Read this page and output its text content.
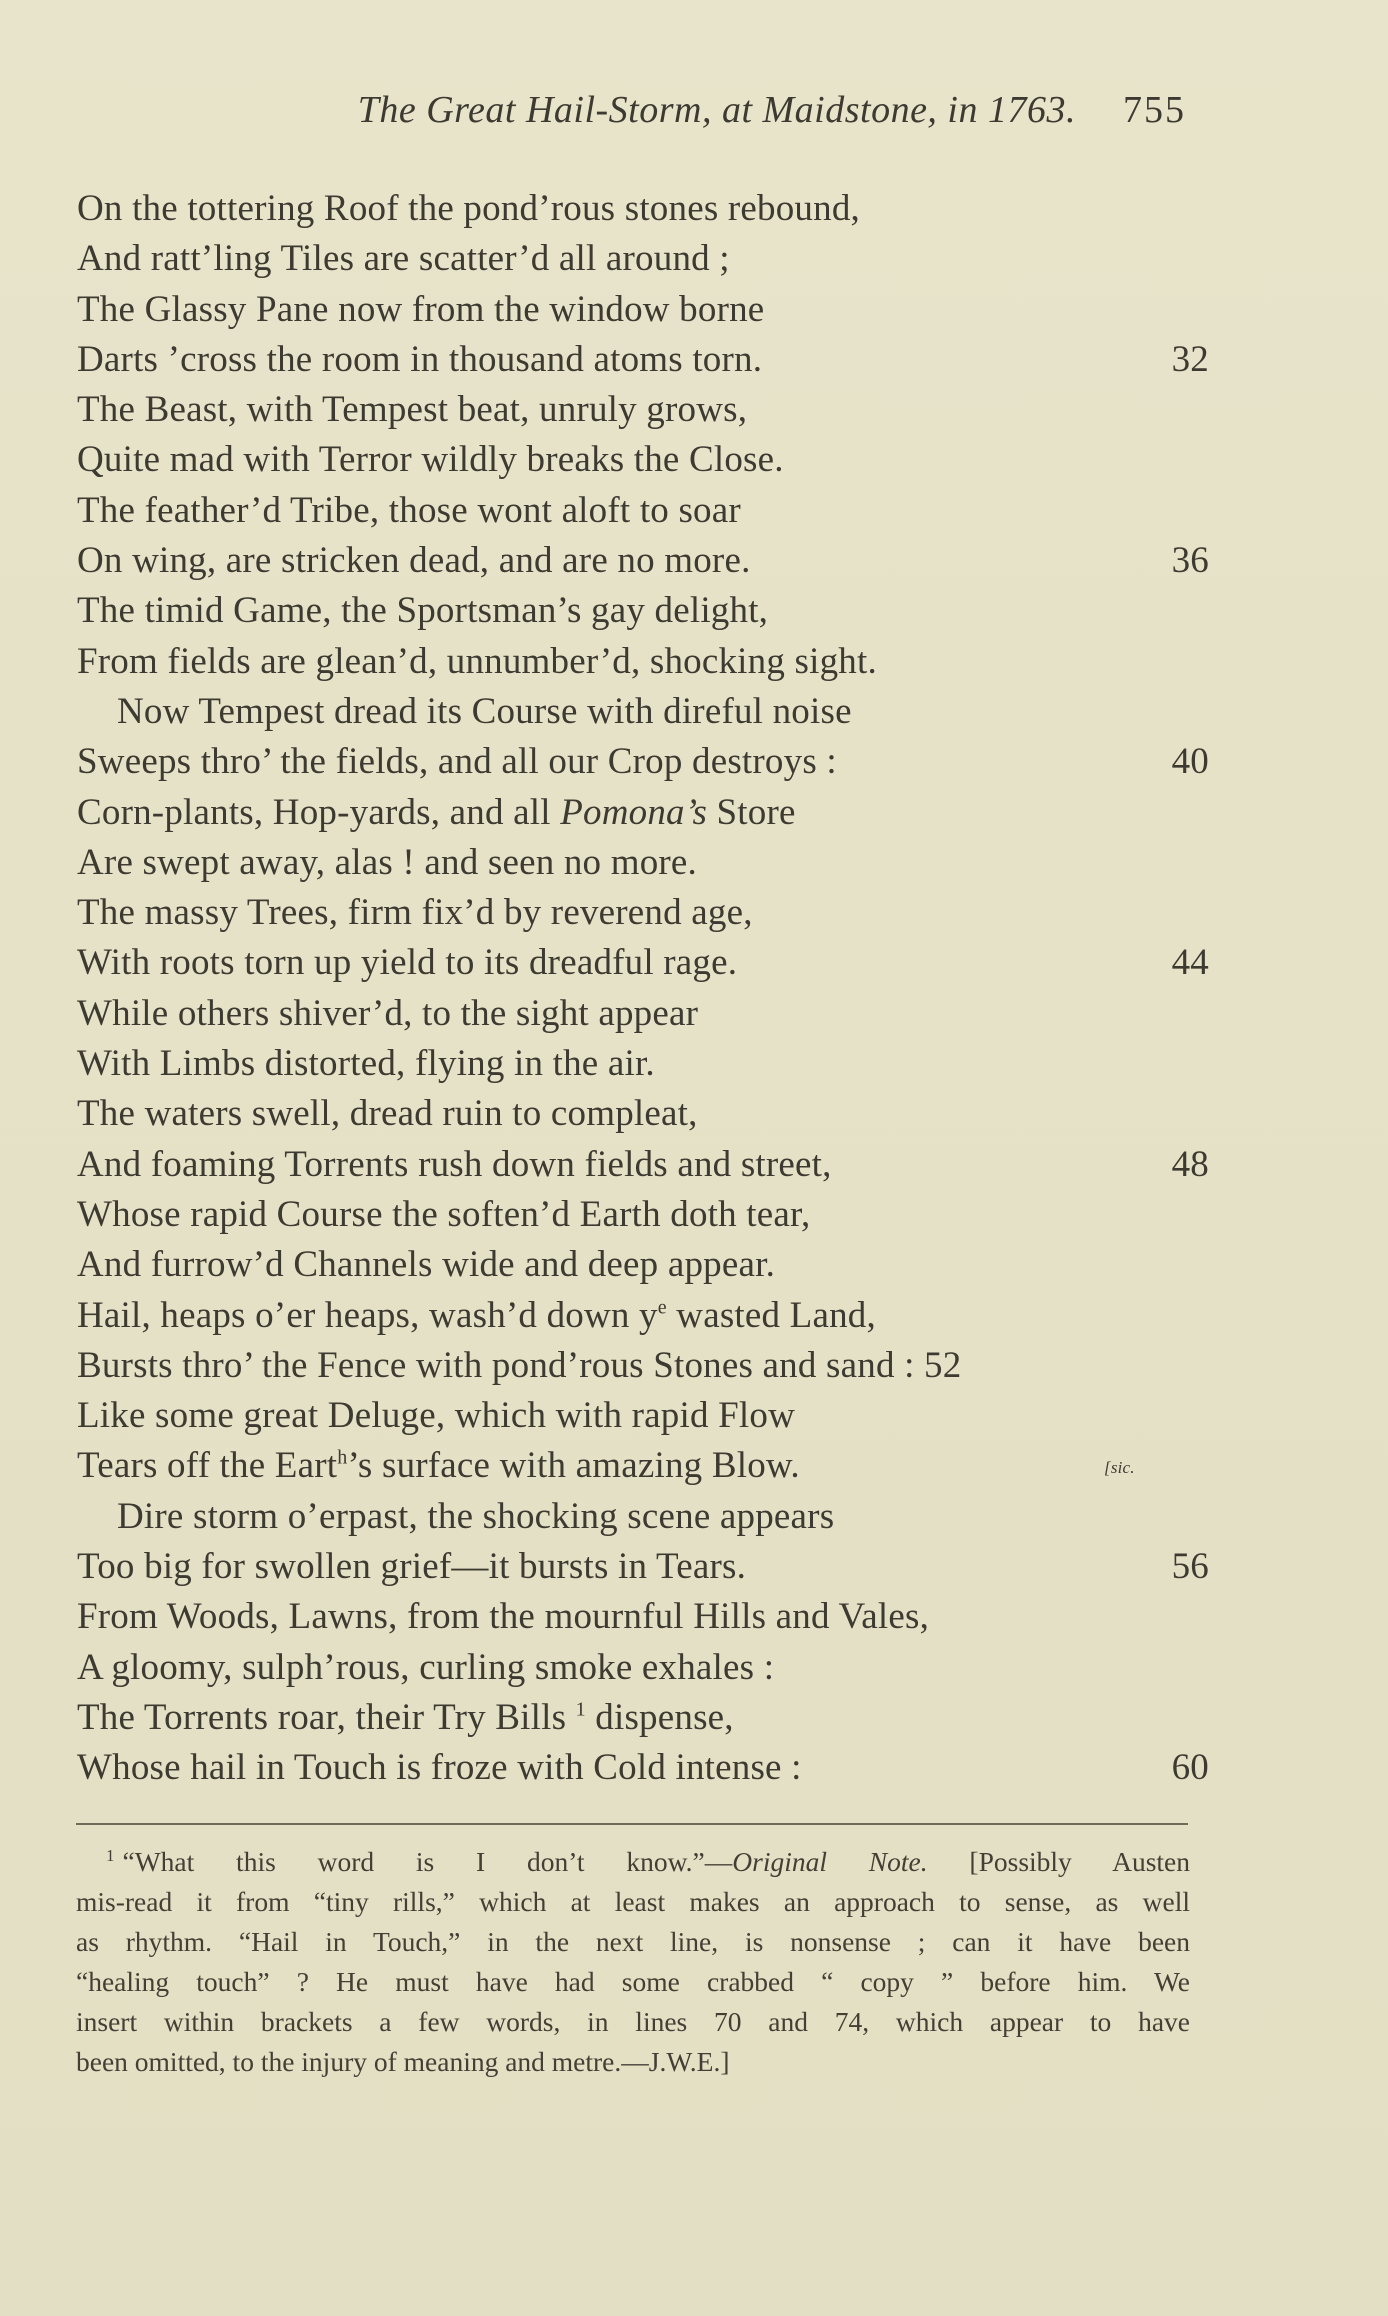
The Great Hail-Storm, at Maidstone, in 1763. 755
On the tottering Roof the pond’rous stones rebound,
And ratt’ling Tiles are scatter’d all around ;
The Glassy Pane now from the window borne
Darts ’cross the room in thousand atoms torn.	32
The Beast, with Tempest beat, unruly grows,
Quite mad with Terror wildly breaks the Close.
The feather’d Tribe, those wont aloft to soar
On wing, are stricken dead, and are no more.	36
The timid Game, the Sportsman’s gay delight,
From fields are glean’d, unnumber’d, shocking sight.
Now Tempest dread its Course with direful noise
Sweeps thro’ the fields, and all our Crop destroys :	40
Corn-plants, Hop-yards, and all Pomona’s Store
Are swept away, alas ! and seen no more.
The massy Trees, firm fix’d by reverend age,
With roots torn up yield to its dreadful rage.	44
While others shiver’d, to the sight appear
With Limbs distorted, flying in the air.
The waters swell, dread ruin to compleat,
And foaming Torrents rush down fields and street,	48
Whose rapid Course the soften’d Earth doth tear,
And furrow’d Channels wide and deep appear.
Hail, heaps o’er heaps, wash’d down $y^e$ wasted Land,
Bursts thro’ the Fence with pond’rous Stones and sand : 52
Like some great Deluge, which with rapid Flow
Tears off the Eart$^h$’s surface with amazing Blow.	[sic.
Dire storm o’erpast, the shocking scene appears
Too big for swollen grief—it bursts in Tears.	56
From Woods, Lawns, from the mournful Hills and Vales,
A gloomy, sulph’rous, curling smoke exhales :
The Torrents roar, their Try Bills $^1$ dispense,
Whose hail in Touch is froze with Cold intense :	60
$^1$ “What this word is I don’t know.”—Original Note. [Possibly Austen
mis-read it from “tiny rills,” which at least makes an approach to sense, as well
as rhythm. “Hail in Touch,” in the next line, is nonsense ; can it have been
“healing touch” ? He must have had some crabbed “ copy ” before him. We
insert within brackets a few words, in lines 70 and 74, which appear to have
been omitted, to the injury of meaning and metre.—J.W.E.]
